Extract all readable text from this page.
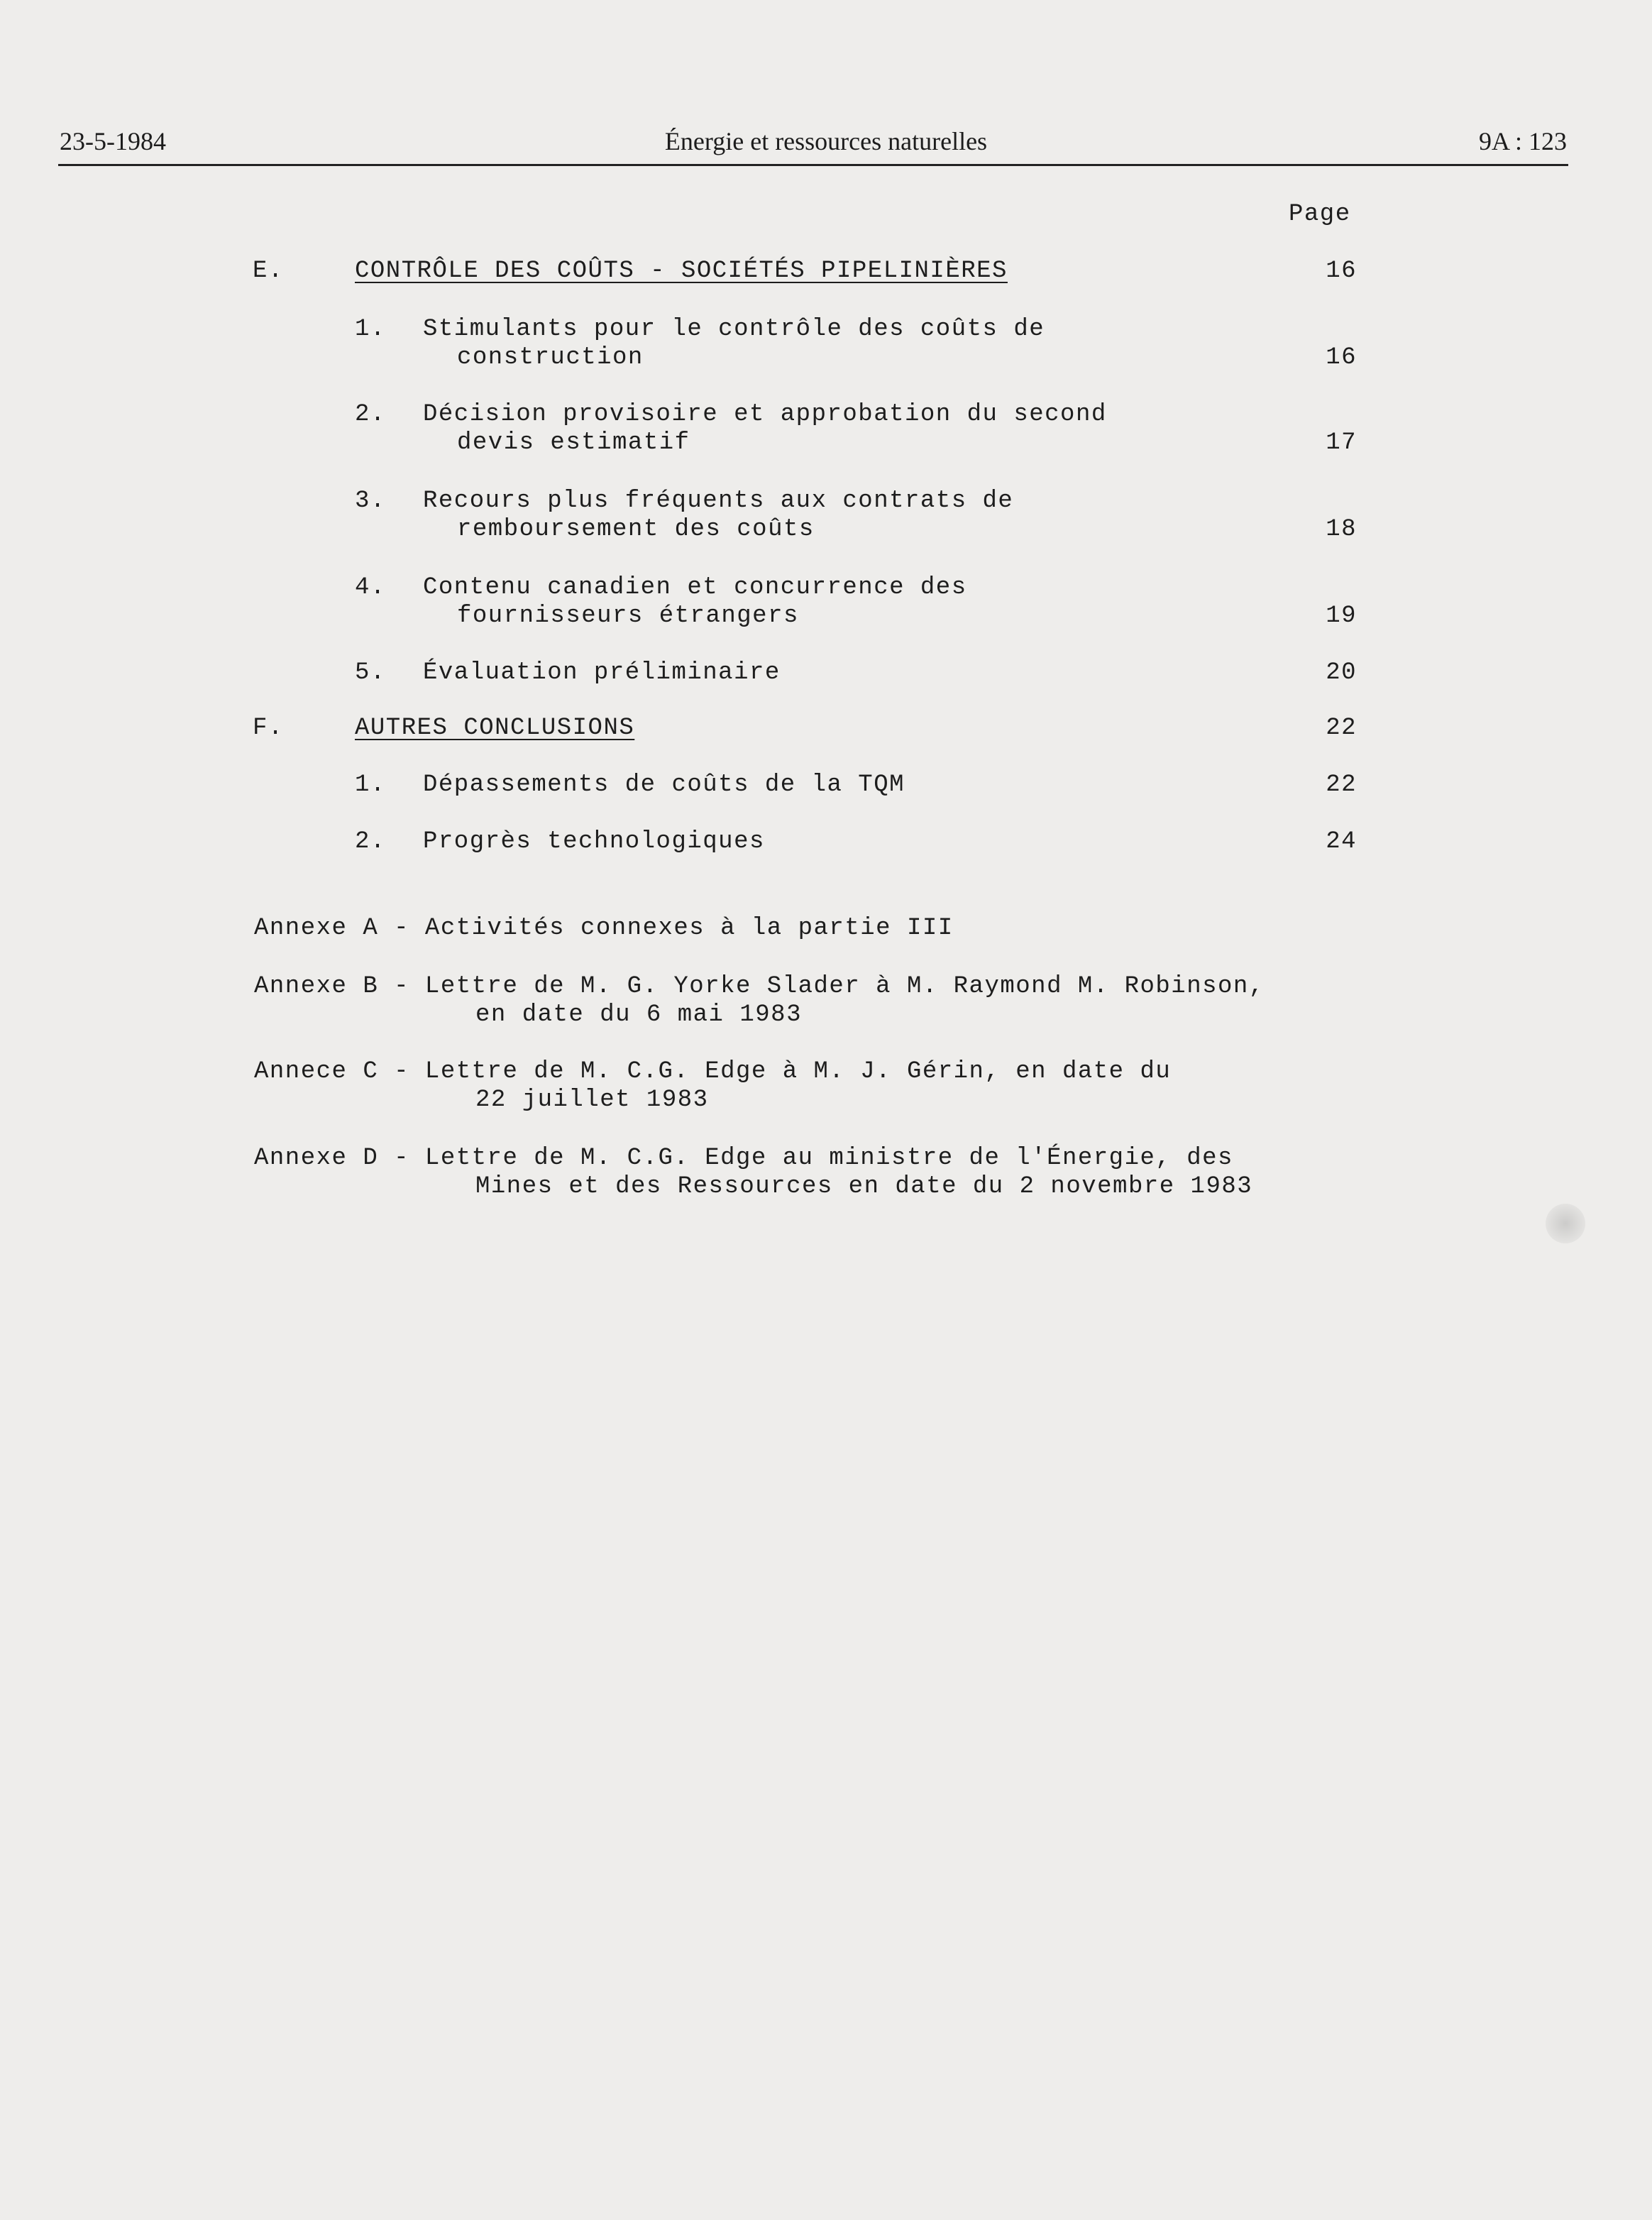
23-5-1984	Énergie et ressources naturelles	9A : 123
Page
E.	CONTRÔLE DES COÛTS - SOCIÉTÉS PIPELINIÈRES	16
1. Stimulants pour le contrôle des coûts de
construction	16
2. Décision provisoire et approbation du second
devis estimatif	17
3. Recours plus fréquents aux contrats de
remboursement des coûts	18
4. Contenu canadien et concurrence des
fournisseurs étrangers	19
5. Évaluation préliminaire	20
F.	AUTRES CONCLUSIONS	22
1. Dépassements de coûts de la TQM	22
2. Progrès technologiques	24
Annexe A - Activités connexes à la partie III
Annexe B - Lettre de M. G. Yorke Slader à M. Raymond M. Robinson,
en date du 6 mai 1983
Annece C - Lettre de M. C.G. Edge à M. J. Gérin, en date du
22 juillet 1983
Annexe D - Lettre de M. C.G. Edge au ministre de l'Énergie, des
Mines et des Ressources en date du 2 novembre 1983
